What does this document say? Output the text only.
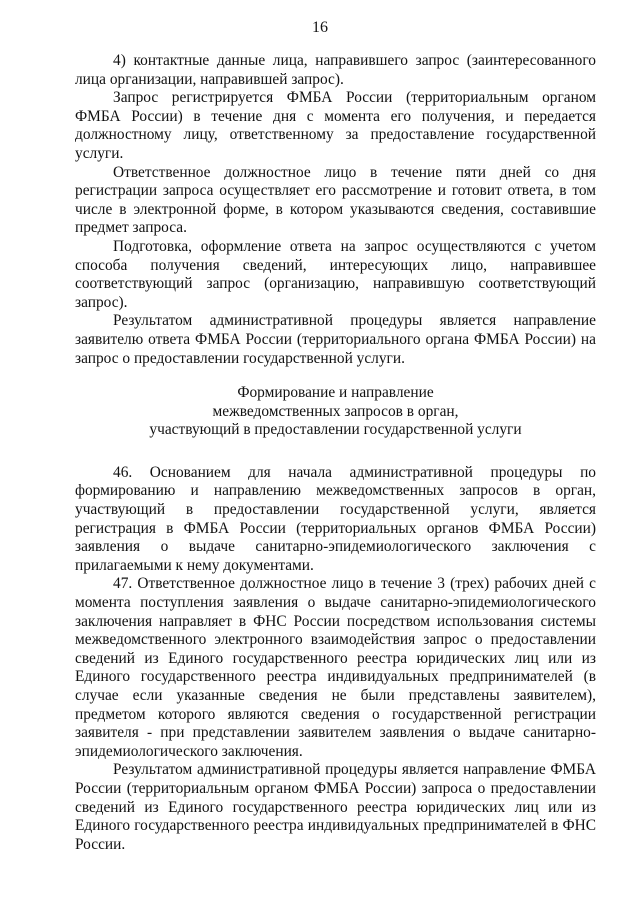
16

4) контактные данные лица, направившего запрос (заинтересованного лица организации, направившей запрос).

Запрос регистрируется ФМБА России (территориальным органом ФМБА России) в течение дня с момента его получения, и передается должностному лицу, ответственному за предоставление государственной услуги.

Ответственное должностное лицо в течение пяти дней со дня регистрации запроса осуществляет его рассмотрение и готовит ответа, в том числе в электронной форме, в котором указываются сведения, составившие предмет запроса.

Подготовка, оформление ответа на запрос осуществляются с учетом способа получения сведений, интересующих лицо, направившее соответствующий запрос (организацию, направившую соответствующий запрос).

Результатом административной процедуры является направление заявителю ответа ФМБА России (территориального органа ФМБА России) на запрос о предоставлении государственной услуги.

Формирование и направление
межведомственных запросов в орган,
участвующий в предоставлении государственной услуги

46. Основанием для начала административной процедуры по формированию и направлению межведомственных запросов в орган, участвующий в предоставлении государственной услуги, является регистрация в ФМБА России (территориальных органов ФМБА России) заявления о выдаче санитарно-эпидемиологического заключения с прилагаемыми к нему документами.

47. Ответственное должностное лицо в течение 3 (трех) рабочих дней с момента поступления заявления о выдаче санитарно-эпидемиологического заключения направляет в ФНС России посредством использования системы межведомственного электронного взаимодействия запрос о предоставлении сведений из Единого государственного реестра юридических лиц или из Единого государственного реестра индивидуальных предпринимателей (в случае если указанные сведения не были представлены заявителем), предметом которого являются сведения о государственной регистрации заявителя - при представлении заявителем заявления о выдаче санитарно-эпидемиологического заключения.

Результатом административной процедуры является направление ФМБА России (территориальным органом ФМБА России) запроса о предоставлении сведений из Единого государственного реестра юридических лиц или из Единого государственного реестра индивидуальных предпринимателей в ФНС России.
